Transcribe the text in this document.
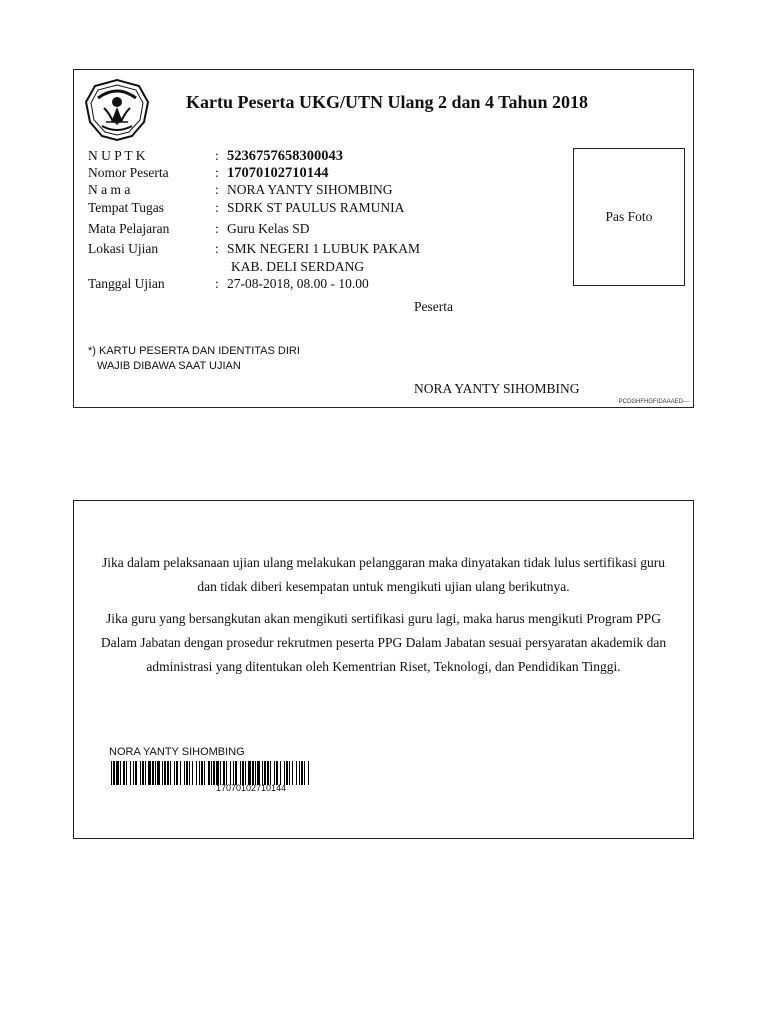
Kartu Peserta UKG/UTN Ulang 2 dan 4 Tahun 2018
N U P T K	: 5236757658300043
Nomor Peserta	: 17070102710144
N a m a	: NORA YANTY SIHOMBING
Tempat Tugas	: SDRK ST PAULUS RAMUNIA
Mata Pelajaran	: Guru Kelas SD
Lokasi Ujian	: SMK NEGERI 1 LUBUK PAKAM
KAB. DELI SERDANG
Tanggal Ujian	: 27-08-2018, 08.00 - 10.00
Pas Foto
Peserta
*) KARTU PESERTA DAN IDENTITAS DIRI
WAJIB DIBAWA SAAT UJIAN
NORA YANTY SIHOMBING
PCDGHFHGFIDAAAED---
Jika dalam pelaksanaan ujian ulang melakukan pelanggaran maka dinyatakan tidak lulus sertifikasi guru dan tidak diberi kesempatan untuk mengikuti ujian ulang berikutnya.
Jika guru yang bersangkutan akan mengikuti sertifikasi guru lagi, maka harus mengikuti Program PPG Dalam Jabatan dengan prosedur rekrutmen peserta PPG Dalam Jabatan sesuai persyaratan akademik dan administrasi yang ditentukan oleh Kementrian Riset, Teknologi, dan Pendidikan Tinggi.
NORA YANTY SIHOMBING
17070102710144
